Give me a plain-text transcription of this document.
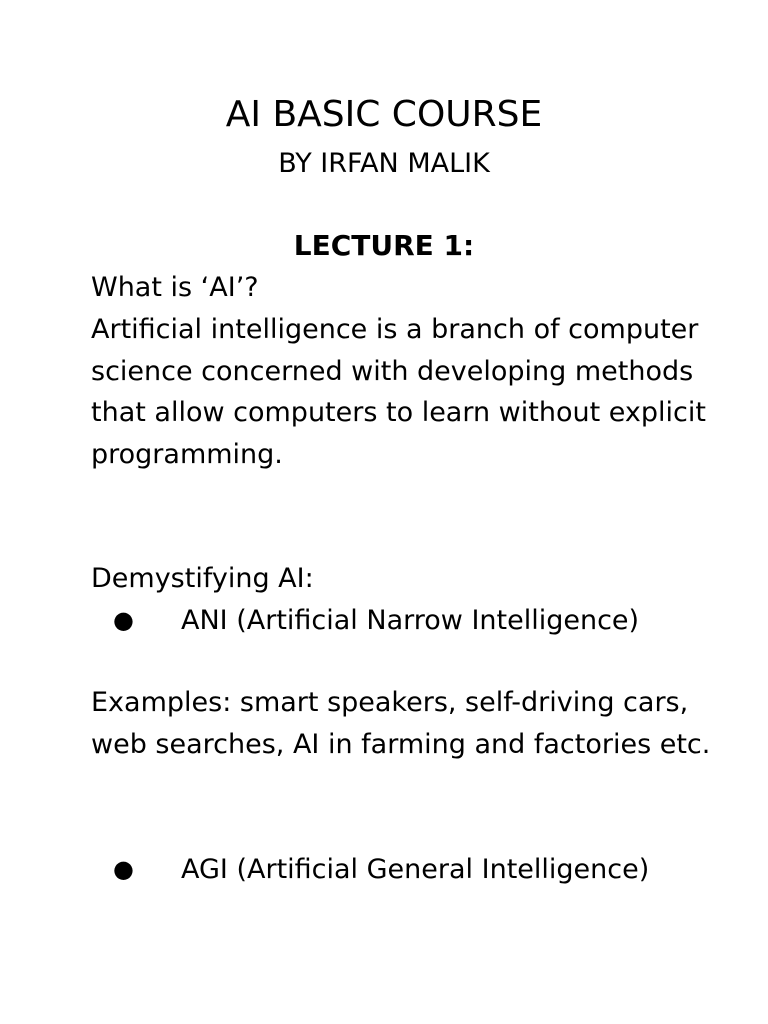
AI BASIC COURSE
BY IRFAN MALIK
LECTURE 1:
What is ‘AI’?
Artificial intelligence is a branch of computer science concerned with developing methods that allow computers to learn without explicit programming.
Demystifying AI:
●	ANI (Artificial Narrow Intelligence)
Examples: smart speakers, self-driving cars, web searches, AI in farming and factories etc.
●	AGI (Artificial General Intelligence)
